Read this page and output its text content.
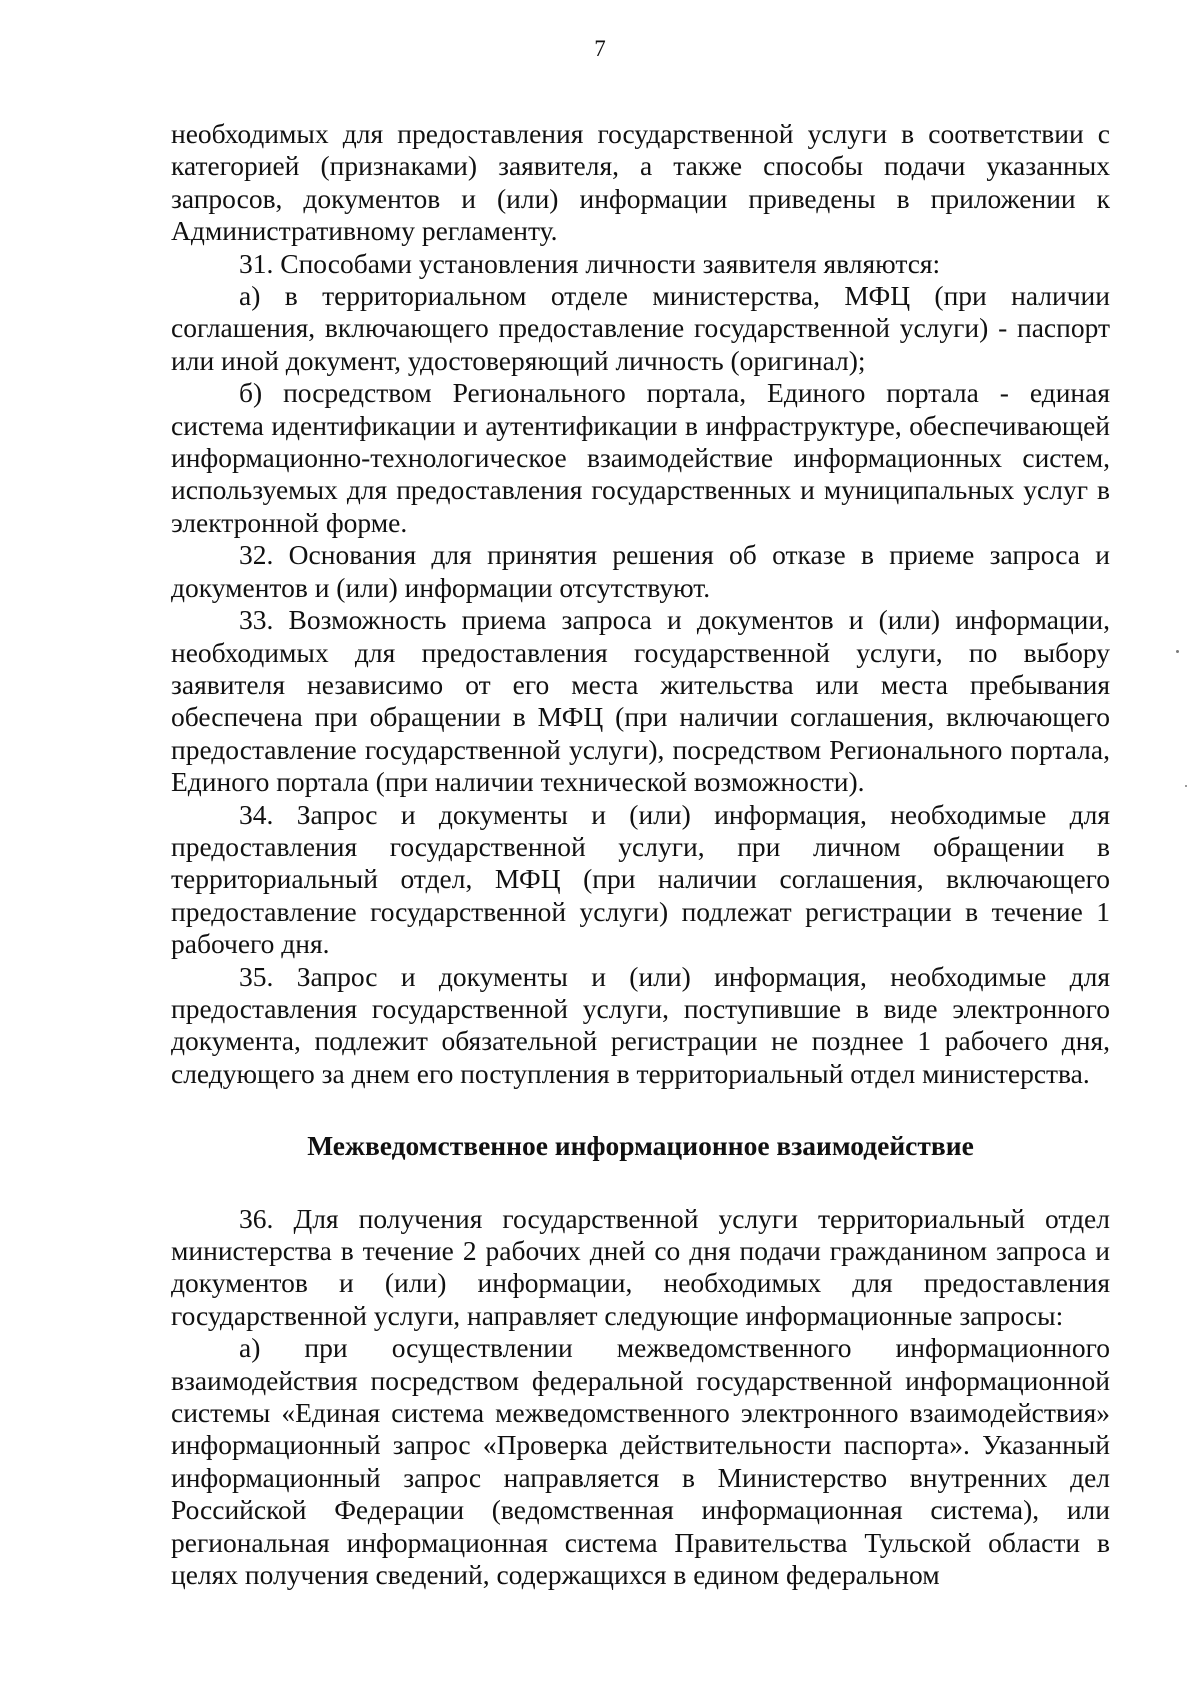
7

необходимых для предоставления государственной услуги в соответствии с категорией (признаками) заявителя, а также способы подачи указанных запросов, документов и (или) информации приведены в приложении к Административному регламенту.

31. Способами установления личности заявителя являются:

а) в территориальном отделе министерства, МФЦ (при наличии соглашения, включающего предоставление государственной услуги) - паспорт или иной документ, удостоверяющий личность (оригинал);

б) посредством Регионального портала, Единого портала - единая система идентификации и аутентификации в инфраструктуре, обеспечивающей информационно-технологическое взаимодействие информационных систем, используемых для предоставления государственных и муниципальных услуг в электронной форме.

32. Основания для принятия решения об отказе в приеме запроса и документов и (или) информации отсутствуют.

33. Возможность приема запроса и документов и (или) информации, необходимых для предоставления государственной услуги, по выбору заявителя независимо от его места жительства или места пребывания обеспечена при обращении в МФЦ (при наличии соглашения, включающего предоставление государственной услуги), посредством Регионального портала, Единого портала (при наличии технической возможности).

34. Запрос и документы и (или) информация, необходимые для предоставления государственной услуги, при личном обращении в территориальный отдел, МФЦ (при наличии соглашения, включающего предоставление государственной услуги) подлежат регистрации в течение 1 рабочего дня.

35. Запрос и документы и (или) информация, необходимые для предоставления государственной услуги, поступившие в виде электронного документа, подлежит обязательной регистрации не позднее 1 рабочего дня, следующего за днем его поступления в территориальный отдел министерства.

Межведомственное информационное взаимодействие

36. Для получения государственной услуги территориальный отдел министерства в течение 2 рабочих дней со дня подачи гражданином запроса и документов и (или) информации, необходимых для предоставления государственной услуги, направляет следующие информационные запросы:

а) при осуществлении межведомственного информационного взаимодействия посредством федеральной государственной информационной системы «Единая система межведомственного электронного взаимодействия» информационный запрос «Проверка действительности паспорта». Указанный информационный запрос направляется в Министерство внутренних дел Российской Федерации (ведомственная информационная система), или региональная информационная система Правительства Тульской области в целях получения сведений, содержащихся в едином федеральном
